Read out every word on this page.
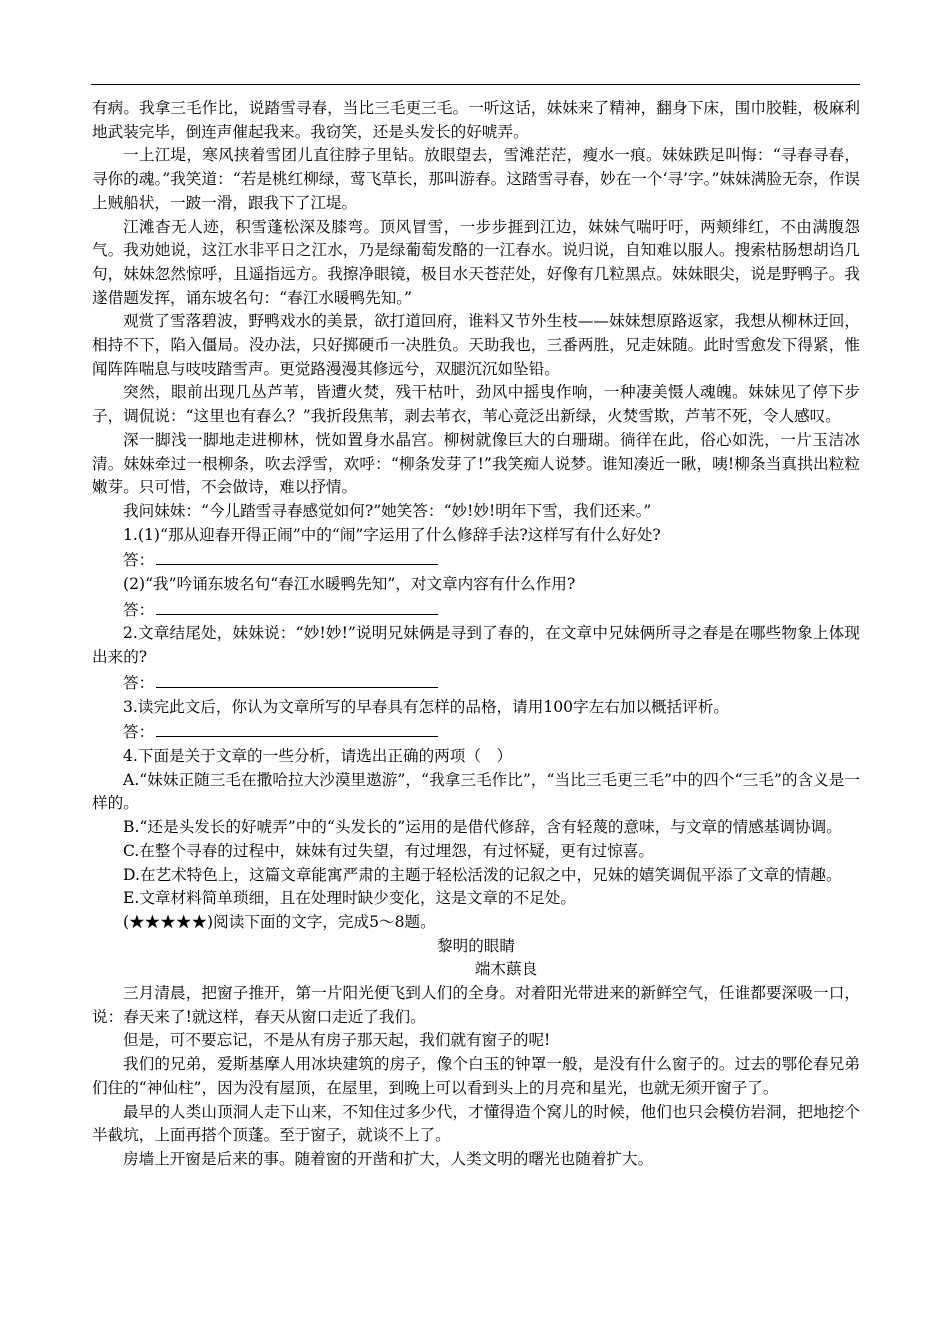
有病。我拿三毛作比，说踏雪寻春，当比三毛更三毛。一听这话，妹妹来了精神，翻身下床，围巾胶鞋，极麻利地武装完毕，倒连声催起我来。我窃笑，还是头发长的好唬弄。

一上江堤，寒风挟着雪团儿直往脖子里钻。放眼望去，雪滩茫茫，瘦水一痕。妹妹跌足叫悔：“寻春寻春，寻你的魂。”我笑道：“若是桃红柳绿，莺飞草长，那叫游春。这踏雪寻春，妙在一个‘寻’字。”妹妹满脸无奈，作误上贼船状，一跛一滑，跟我下了江堤。

江滩杳无人迹，积雪蓬松深及膝弯。顶风冒雪，一步步捱到江边，妹妹气喘吁吁，两颊绯红，不由满腹怨气。我劝她说，这江水非平日之江水，乃是绿葡萄发酪的一江春水。说归说，自知难以服人。搜索枯肠想胡诌几句，妹妹忽然惊呼，且遥指远方。我擦净眼镜，极目水天苍茫处，好像有几粒黑点。妹妹眼尖，说是野鸭子。我遂借题发挥，诵东坡名句：“春江水暖鸭先知。”

观赏了雪落碧波，野鸭戏水的美景，欲打道回府，谁料又节外生枝——妹妹想原路返家，我想从柳林迂回，相持不下，陷入僵局。没办法，只好掷硬币一决胜负。天助我也，三番两胜，兄走妹随。此时雪愈发下得紧，惟闻阵阵喘息与吱吱踏雪声。更觉路漫漫其修远兮，双腿沉沉如坠铅。

突然，眼前出现几丛芦苇，皆遭火焚，残干枯叶，劲风中摇曳作响，一种凄美慑人魂魄。妹妹见了停下步子，调侃说：“这里也有春么？”我折段焦苇，剥去苇衣，苇心竟泛出新绿，火焚雪欺，芦苇不死，令人感叹。

深一脚浅一脚地走进柳林，恍如置身水晶宫。柳树就像巨大的白珊瑚。徜徉在此，俗心如洗，一片玉洁冰清。妹妹牵过一根柳条，吹去浮雪，欢呼：“柳条发芽了!”我笑痴人说梦。谁知凑近一瞅，咦!柳条当真拱出粒粒嫩芽。只可惜，不会做诗，难以抒情。

我问妹妹：“今儿踏雪寻春感觉如何?”她笑答：“妙!妙!明年下雪，我们还来。”

1.(1)“那从迎春开得正闹”中的“闹”字运用了什么修辞手法?这样写有什么好处?

答：

(2)“我”吟诵东坡名句“春江水暖鸭先知”，对文章内容有什么作用?

答：

2.文章结尾处，妹妹说：“妙!妙!”说明兄妹俩是寻到了春的，在文章中兄妹俩所寻之春是在哪些物象上体现出来的?

答：

3.读完此文后，你认为文章所写的早春具有怎样的品格，请用100字左右加以概括评析。

答：

4.下面是关于文章的一些分析，请选出正确的两项（　）

A.“妹妹正随三毛在撒哈拉大沙漠里遨游”，“我拿三毛作比”，“当比三毛更三毛”中的四个“三毛”的含义是一样的。

B.“还是头发长的好唬弄”中的“头发长的”运用的是借代修辞，含有轻蔑的意味，与文章的情感基调协调。

C.在整个寻春的过程中，妹妹有过失望，有过埋怨，有过怀疑，更有过惊喜。

D.在艺术特色上，这篇文章能寓严肃的主题于轻松活泼的记叙之中，兄妹的嬉笑调侃平添了文章的情趣。

E.文章材料简单琐细，且在处理时缺少变化，这是文章的不足处。

(★★★★★)阅读下面的文字，完成5～8题。

黎明的眼睛

端木蕻良

三月清晨，把窗子推开，第一片阳光便飞到人们的全身。对着阳光带进来的新鲜空气，任谁都要深吸一口，说：春天来了!就这样，春天从窗口走近了我们。

但是，可不要忘记，不是从有房子那天起，我们就有窗子的呢!

我们的兄弟，爱斯基摩人用冰块建筑的房子，像个白玉的钟罩一般，是没有什么窗子的。过去的鄂伦春兄弟们住的“神仙柱”，因为没有屋顶，在屋里，到晚上可以看到头上的月亮和星光，也就无须开窗子了。

最早的人类山顶洞人走下山来，不知住过多少代，才懂得造个窝儿的时候，他们也只会模仿岩洞，把地挖个半截坑，上面再搭个顶蓬。至于窗子，就谈不上了。

房墙上开窗是后来的事。随着窗的开凿和扩大，人类文明的曙光也随着扩大。
